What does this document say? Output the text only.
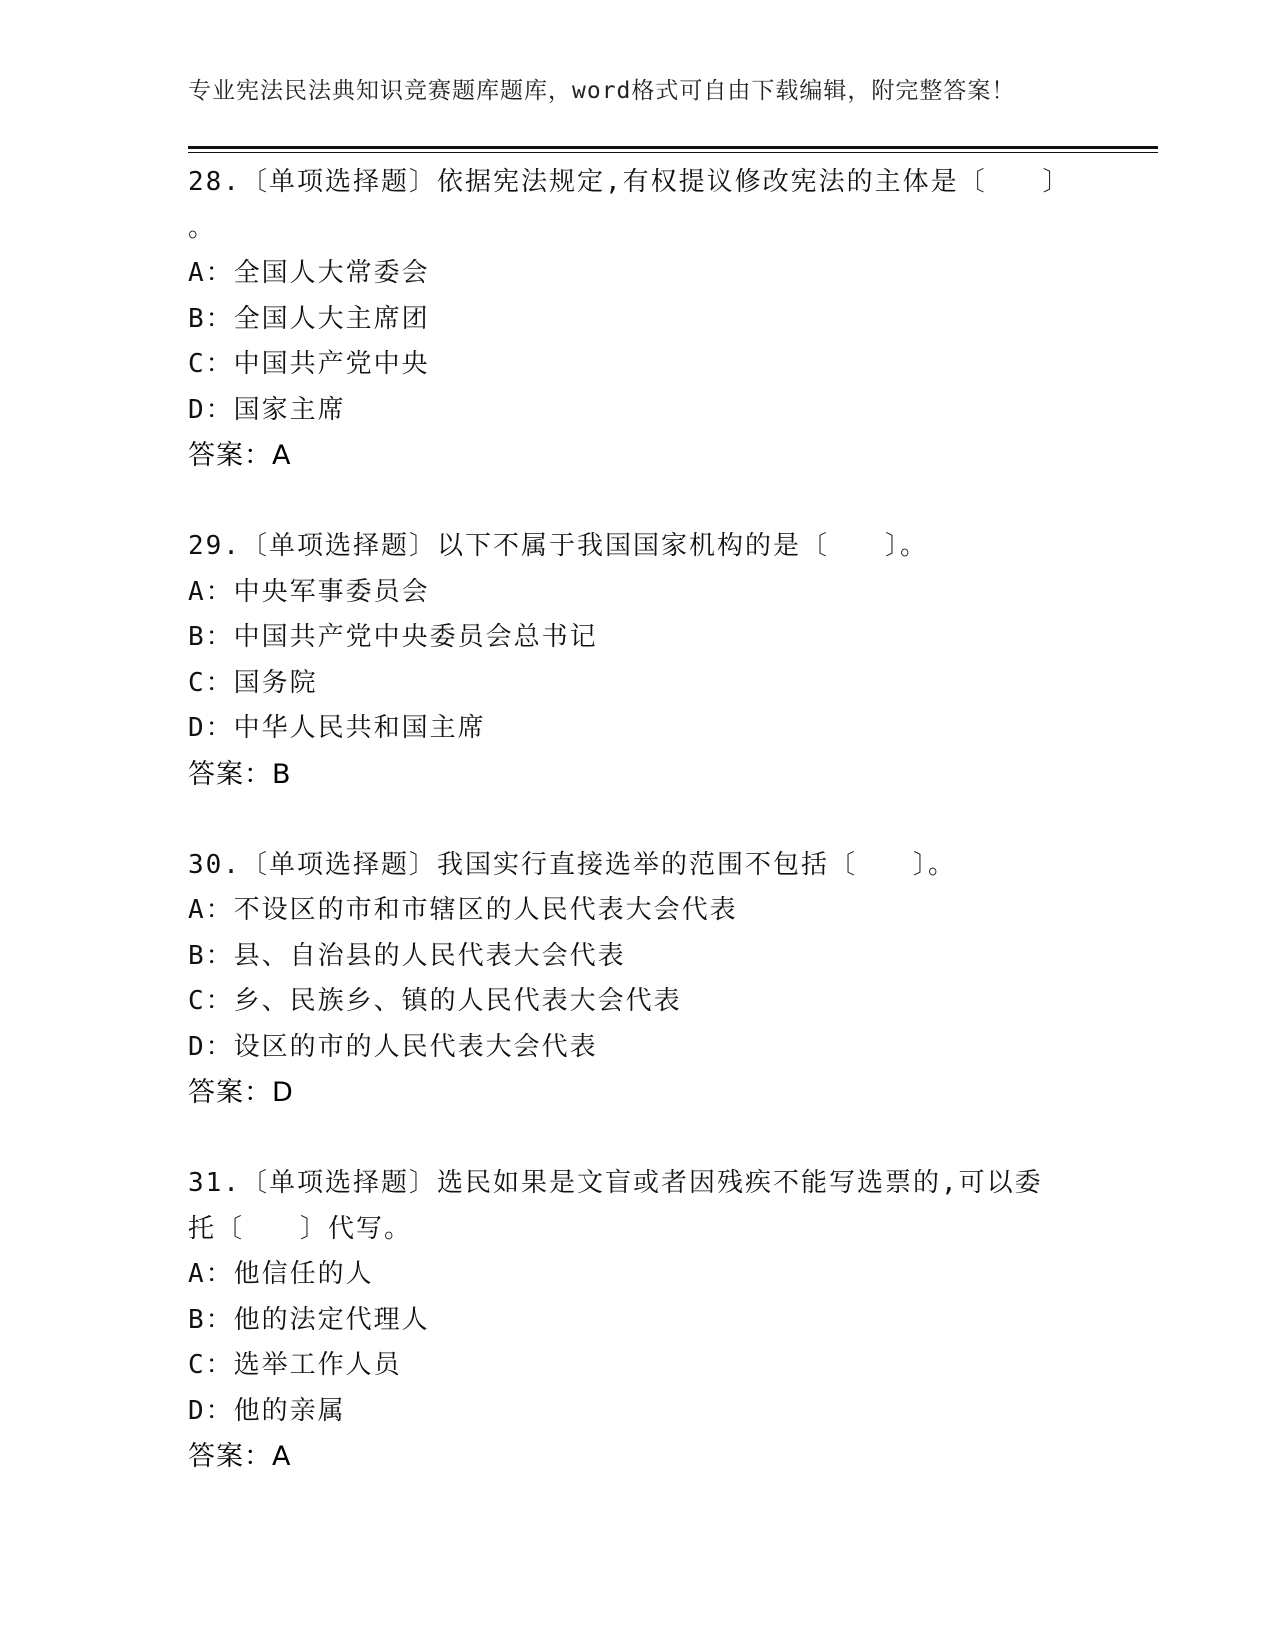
专业宪法民法典知识竞赛题库题库，word格式可自由下载编辑，附完整答案！
28.〔单项选择题〕依据宪法规定,有权提议修改宪法的主体是〔　　〕
。
A：全国人大常委会
B：全国人大主席团
C：中国共产党中央
D：国家主席
答案：A
29.〔单项选择题〕以下不属于我国国家机构的是〔　　〕。
A：中央军事委员会
B：中国共产党中央委员会总书记
C：国务院
D：中华人民共和国主席
答案：B
30.〔单项选择题〕我国实行直接选举的范围不包括〔　　〕。
A：不设区的市和市辖区的人民代表大会代表
B：县、自治县的人民代表大会代表
C：乡、民族乡、镇的人民代表大会代表
D：设区的市的人民代表大会代表
答案：D
31.〔单项选择题〕选民如果是文盲或者因残疾不能写选票的,可以委
托〔　　〕代写。
A：他信任的人
B：他的法定代理人
C：选举工作人员
D：他的亲属
答案：A
